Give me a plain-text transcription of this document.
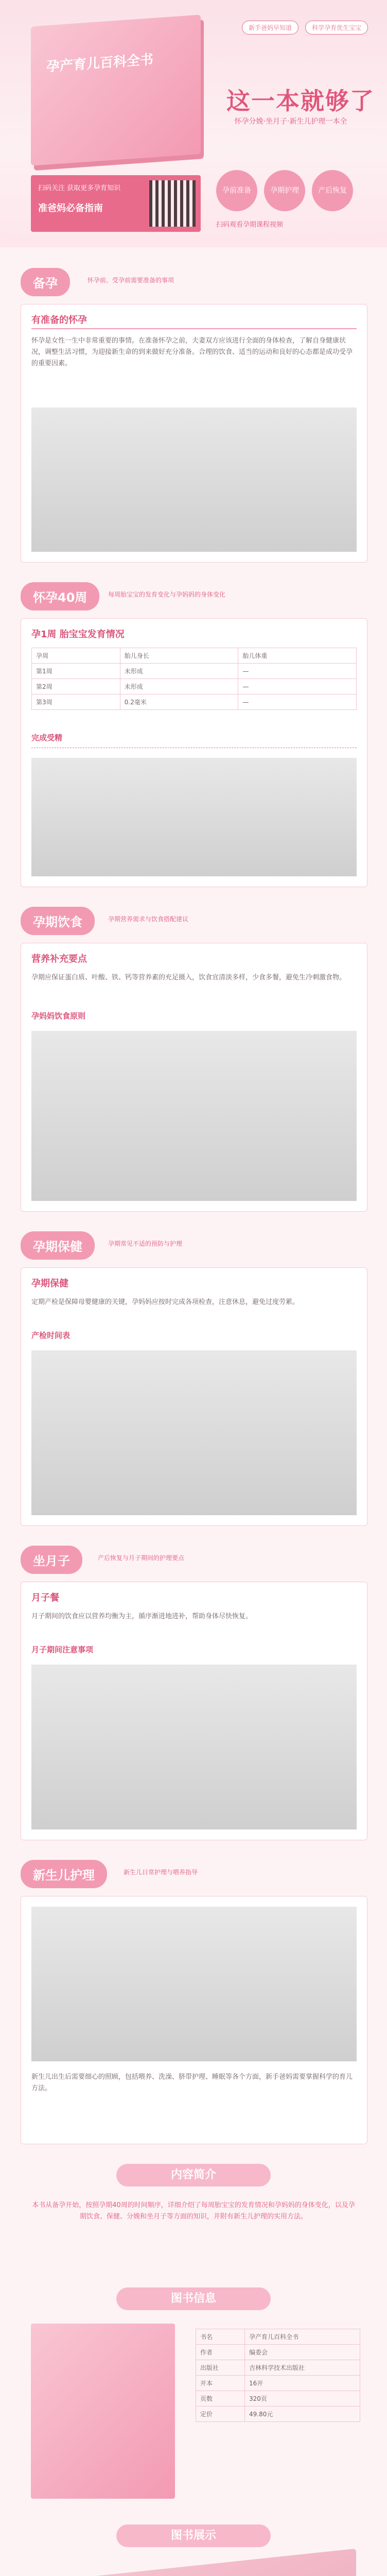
孕产育儿百科全书
新手爸妈早知道	科学孕育优生宝宝
这一本就够了
怀孕分娩·坐月子·新生儿护理一本全
扫码关注 获取更多孕育知识
准爸妈必备指南
孕前准备	孕期护理	产后恢复
扫码观看孕期课程视频
备孕	怀孕前、受孕前需要准备的事项
有准备的怀孕
怀孕是女性一生中非常重要的事情。在准备怀孕之前，夫妻双方应该进行全面的身体检查，了解自身健康状况，调整生活习惯，为迎接新生命的到来做好充分准备。合理的饮食、适当的运动和良好的心态都是成功受孕的重要因素。
怀孕40周	每周胎宝宝的发育变化与孕妈妈的身体变化
孕1周 胎宝宝发育情况
孕周	胎儿身长	胎儿体重
第1周	未形成	—
第2周	未形成	—
第3周	0.2毫米	—
完成受精
孕期饮食	孕期营养需求与饮食搭配建议
营养补充要点
孕期应保证蛋白质、叶酸、铁、钙等营养素的充足摄入，饮食宜清淡多样，少食多餐，避免生冷刺激食物。
孕妈妈饮食原则
孕期保健	孕期常见不适的预防与护理
孕期保健
定期产检是保障母婴健康的关键，孕妈妈应按时完成各项检查，注意休息，避免过度劳累。
产检时间表
坐月子	产后恢复与月子期间的护理要点
月子餐
月子期间的饮食应以营养均衡为主，循序渐进地进补，帮助身体尽快恢复。
月子期间注意事项
新生儿护理	新生儿日常护理与喂养指导
新生儿出生后需要细心的照顾，包括喂养、洗澡、脐带护理、睡眠等各个方面，新手爸妈需要掌握科学的育儿方法。
内容简介
本书从备孕开始，按照孕期40周的时间顺序，详细介绍了每周胎宝宝的发育情况和孕妈妈的身体变化，以及孕期饮食、保健、分娩和坐月子等方面的知识，并附有新生儿护理的实用方法。
图书信息
书名	孕产育儿百科全书
作者	编委会
出版社	吉林科学技术出版社
开本	16开
页数	320页
定价	49.80元
图书展示
